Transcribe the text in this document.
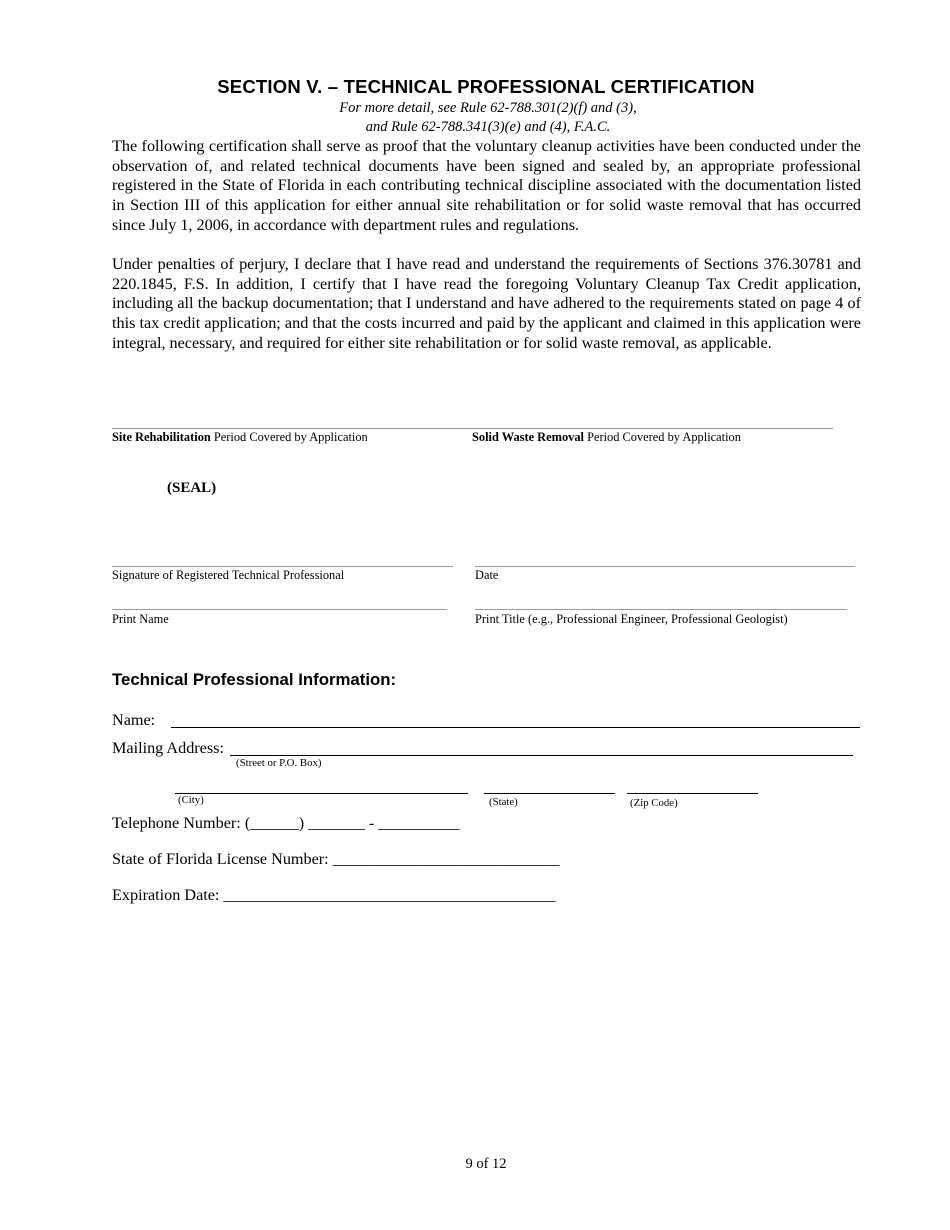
SECTION V. – TECHNICAL PROFESSIONAL CERTIFICATION
For more detail, see Rule 62-788.301(2)(f) and (3),
and Rule 62-788.341(3)(e) and (4), F.A.C.
The following certification shall serve as proof that the voluntary cleanup activities have been conducted under the observation of, and related technical documents have been signed and sealed by, an appropriate professional registered in the State of Florida in each contributing technical discipline associated with the documentation listed in Section III of this application for either annual site rehabilitation or for solid waste removal that has occurred since July 1, 2006, in accordance with department rules and regulations.
Under penalties of perjury, I declare that I have read and understand the requirements of Sections 376.30781 and 220.1845, F.S. In addition, I certify that I have read the foregoing Voluntary Cleanup Tax Credit application, including all the backup documentation; that I understand and have adhered to the requirements stated on page 4 of this tax credit application; and that the costs incurred and paid by the applicant and claimed in this application were integral, necessary, and required for either site rehabilitation or for solid waste removal, as applicable.
Site Rehabilitation Period Covered by Application	Solid Waste Removal Period Covered by Application
(SEAL)
Signature of Registered Technical Professional	Date
Print Name	Print Title (e.g., Professional Engineer, Professional Geologist)
Technical Professional Information:
Name:
Mailing Address:
(Street or P.O. Box)
(City)	(State)	(Zip Code)
Telephone Number: (______) _______ - __________
State of Florida License Number: ____________________________
Expiration Date: _________________________________________
9 of 12
